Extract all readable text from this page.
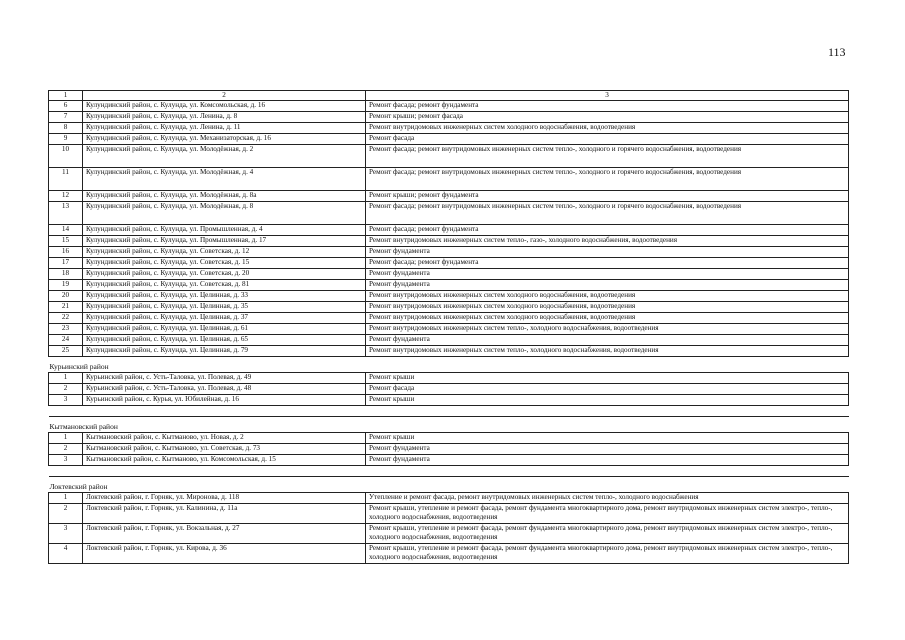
113
1	2	3
6	Кулундинский район, с. Кулунда, ул. Комсомольская, д. 16	Ремонт фасада; ремонт фундамента
7	Кулундинский район, с. Кулунда, ул. Ленина, д. 8	Ремонт крыши; ремонт фасада
8	Кулундинский район, с. Кулунда, ул. Ленина, д. 11	Ремонт внутридомовых инженерных систем холодного водоснабжения, водоотведения
9	Кулундинский район, с. Кулунда, ул. Механизаторская, д. 16	Ремонт фасада
10	Кулундинский район, с. Кулунда, ул. Молодёжная, д. 2	Ремонт фасада; ремонт внутридомовых инженерных систем тепло-, холодного и горячего водоснабжения, водоотведения
11	Кулундинский район, с. Кулунда, ул. Молодёжная, д. 4	Ремонт фасада; ремонт внутридомовых инженерных систем тепло-, холодного и горячего водоснабжения, водоотведения
12	Кулундинский район, с. Кулунда, ул. Молодёжная, д. 8а	Ремонт крыши; ремонт фундамента
13	Кулундинский район, с. Кулунда, ул. Молодёжная, д. 8	Ремонт фасада; ремонт внутридомовых инженерных систем тепло-, холодного и горячего водоснабжения, водоотведения
14	Кулундинский район, с. Кулунда, ул. Промышленная, д. 4	Ремонт фасада; ремонт фундамента
15	Кулундинский район, с. Кулунда, ул. Промышленная, д. 17	Ремонт внутридомовых инженерных систем тепло-, газо-, холодного водоснабжения, водоотведения
16	Кулундинский район, с. Кулунда, ул. Советская, д. 12	Ремонт фундамента
17	Кулундинский район, с. Кулунда, ул. Советская, д. 15	Ремонт фасада; ремонт фундамента
18	Кулундинский район, с. Кулунда, ул. Советская, д. 20	Ремонт фундамента
19	Кулундинский район, с. Кулунда, ул. Советская, д. 81	Ремонт фундамента
20	Кулундинский район, с. Кулунда, ул. Целинная, д. 33	Ремонт внутридомовых инженерных систем холодного водоснабжения, водоотведения
21	Кулундинский район, с. Кулунда, ул. Целинная, д. 35	Ремонт внутридомовых инженерных систем холодного водоснабжения, водоотведения
22	Кулундинский район, с. Кулунда, ул. Целинная, д. 37	Ремонт внутридомовых инженерных систем холодного водоснабжения, водоотведения
23	Кулундинский район, с. Кулунда, ул. Целинная, д. 61	Ремонт внутридомовых инженерных систем тепло-, холодного водоснабжения, водоотведения
24	Кулундинский район, с. Кулунда, ул. Целинная, д. 65	Ремонт фундамента
25	Кулундинский район, с. Кулунда, ул. Целинная, д. 79	Ремонт внутридомовых инженерных систем тепло-, холодного водоснабжения, водоотведения
Курьинский район		
1	Курьинский район, с. Усть-Таловка, ул. Полевая, д. 49	Ремонт крыши
2	Курьинский район, с. Усть-Таловка, ул. Полевая, д. 48	Ремонт фасада
3	Курьинский район, с. Курья, ул. Юбилейная, д. 16	Ремонт крыши

Кытмановский район		
1	Кытмановский район, с. Кытманово, ул. Новая, д. 2	Ремонт крыши
2	Кытмановский район, с. Кытманово, ул. Советская, д. 73	Ремонт фундамента
3	Кытмановский район, с. Кытманово, ул. Комсомольская, д. 15	Ремонт фундамента

Локтевский район		
1	Локтевский район, г. Горняк, ул. Миронова, д. 118	Утепление и ремонт фасада, ремонт внутридомовых инженерных систем тепло-, холодного водоснабжения
2	Локтевский район, г. Горняк, ул. Калинина, д. 11а	Ремонт крыши, утепление и ремонт фасада, ремонт фундамента многоквартирного дома, ремонт внутридомовых инженерных систем электро-, тепло-, холодного водоснабжения, водоотведения
3	Локтевский район, г. Горняк, ул. Вокзальная, д. 27	Ремонт крыши, утепление и ремонт фасада, ремонт фундамента многоквартирного дома, ремонт внутридомовых инженерных систем электро-, тепло-, холодного водоснабжения, водоотведения
4	Локтевский район, г. Горняк, ул. Кирова, д. 36	Ремонт крыши, утепление и ремонт фасада, ремонт фундамента многоквартирного дома, ремонт внутридомовых инженерных систем электро-, тепло-, холодного водоснабжения, водоотведения
